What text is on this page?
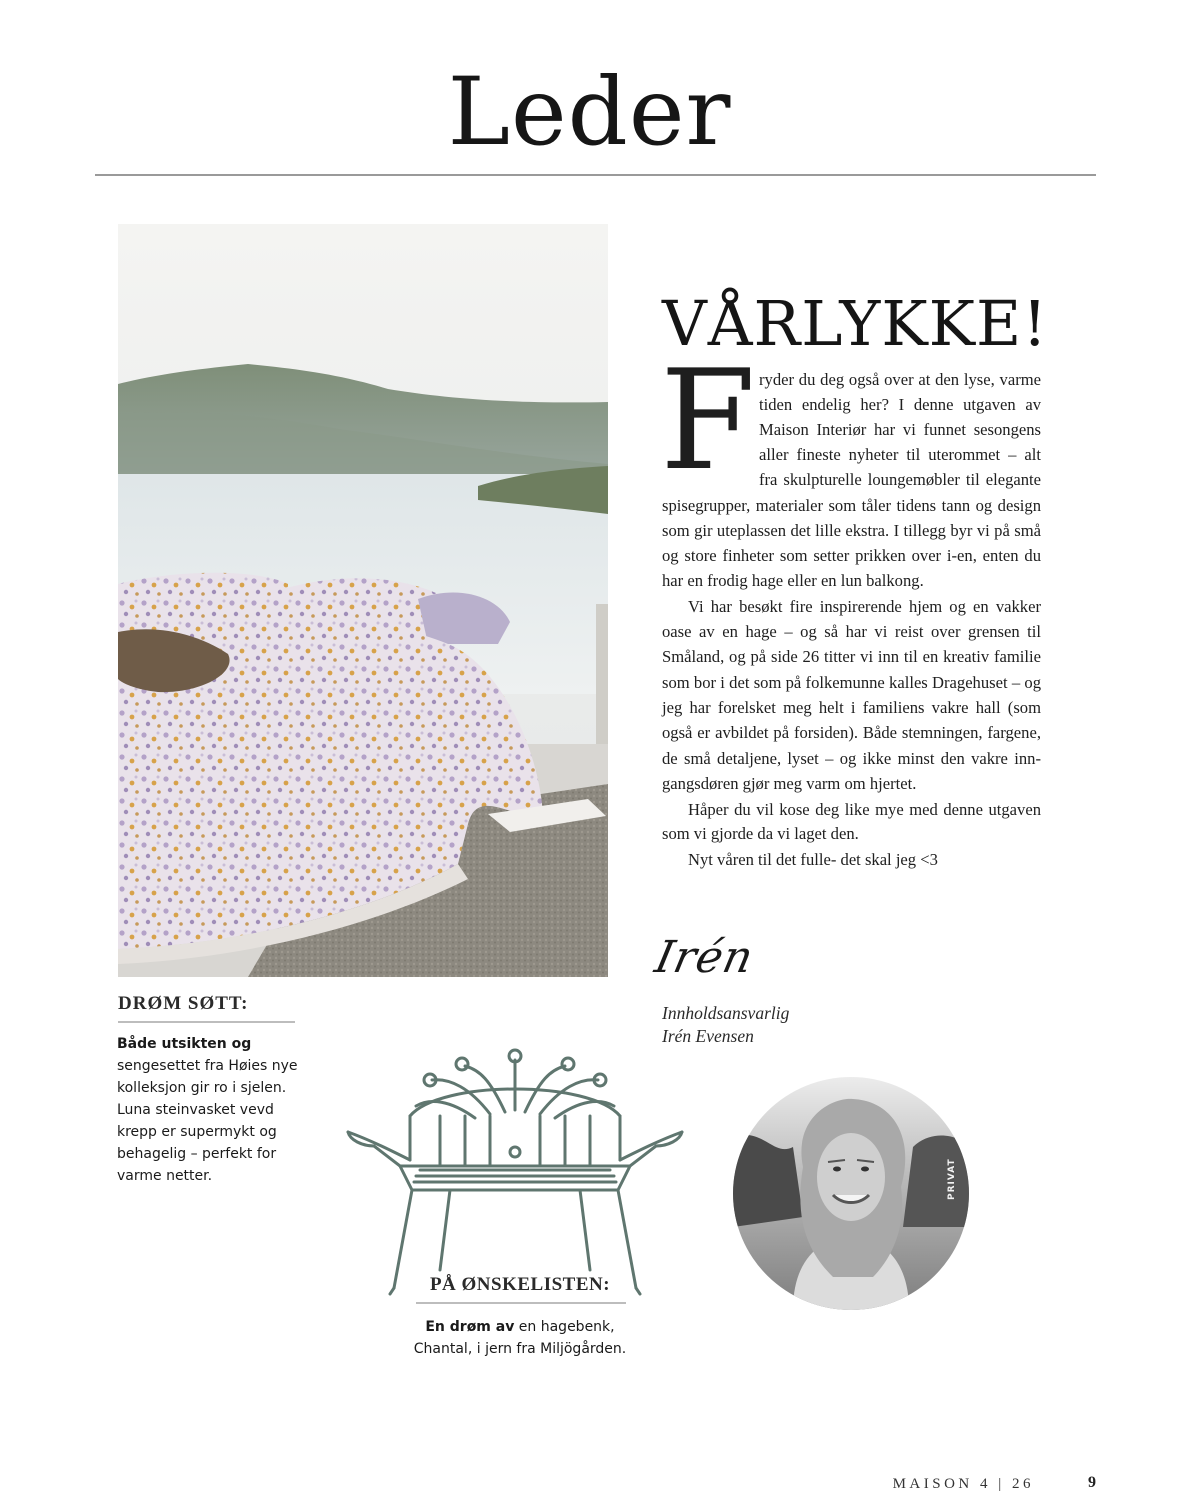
Leder
DRØM SØTT:
Både utsikten og sengesettet fra Høies nye kolleksjon gir ro i sjelen. Luna steinvasket vevd krepp er supermykt og behagelig – perfekt for varme netter.
VÅRLYKKE!
F ryder du deg også over at den lyse, varme
tiden endelig her? I denne utgaven av
Maison Interiør har vi funnet sesongens
aller fineste nyheter til uterommet – alt
fra skulpturelle loungemøbler til elegante
spisegrupper, materialer som tåler tidens tann og design
som gir uteplassen det lille ekstra. I tillegg byr vi på små
og store finheter som setter prikken over i-en, enten du
har en frodig hage eller en lun balkong.
Vi har besøkt fire inspirerende hjem og en vakker
oase av en hage – og så har vi reist over grensen til
Småland, og på side 26 titter vi inn til en kreativ familie
som bor i det som på folkemunne kalles Dragehuset – og
jeg har forelsket meg helt i familiens vakre hall (som
også er avbildet på forsiden). Både stemningen, fargene,
de små detaljene, lyset – og ikke minst den vakre inn-
gangsdøren gjør meg varm om hjertet.
Håper du vil kose deg like mye med denne utgaven
som vi gjorde da vi laget den.
Nyt våren til det fulle- det skal jeg <3
Irén
Innholdsansvarlig
Irén Evensen
PÅ ØNSKELISTEN:
En drøm av en hagebenk, Chantal, i jern fra Miljögården.
PRIVAT
MAISON 4 | 26	9
